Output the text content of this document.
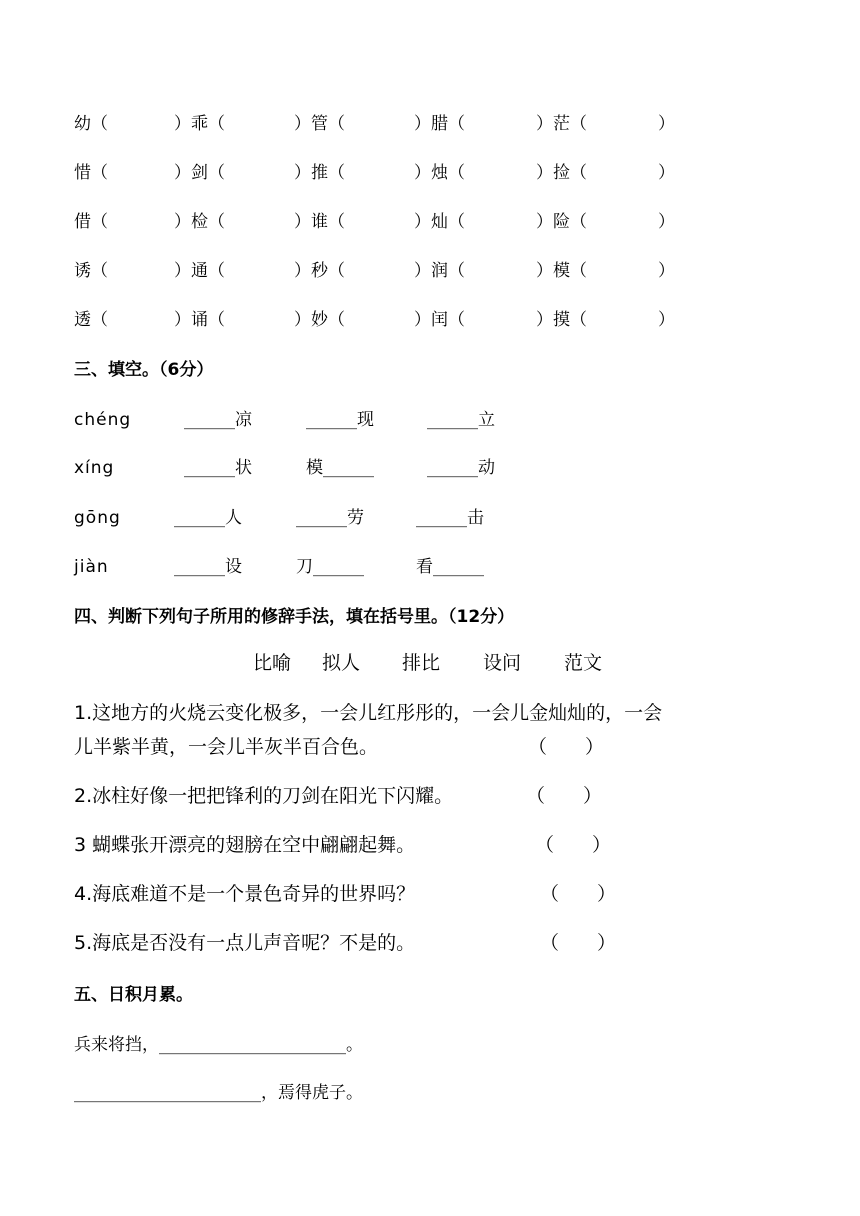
幼（	）乖（	）管（	）腊（	）茫（	）
惜（	）剑（	）推（	）烛（	）捡（	）
借（	）检（	）谁（	）灿（	）险（	）
诱（	）通（	）秒（	）润（	）模（	）
透（	）诵（	）妙（	）闰（	）摸（	）
三、填空。（6分）
chéng	______凉	______现	______立
xíng	______状	模______	______动
gōng	______人	______劳	______击
jiàn	______设	刀______	看______
四、判断下列句子所用的修辞手法，填在括号里。（12分）
比喻 拟人 排比 设问 范文
1.这地方的火烧云变化极多，一会儿红彤彤的，一会儿金灿灿的，一会
儿半紫半黄，一会儿半灰半百合色。	（　　）
2.冰柱好像一把把锋利的刀剑在阳光下闪耀。	（　　）
3 蝴蝶张开漂亮的翅膀在空中翩翩起舞。	（　　）
4.海底难道不是一个景色奇异的世界吗？	（　　）
5.海底是否没有一点儿声音呢？不是的。	（　　）
五、日积月累。
兵来将挡，______________________。
______________________，焉得虎子。
